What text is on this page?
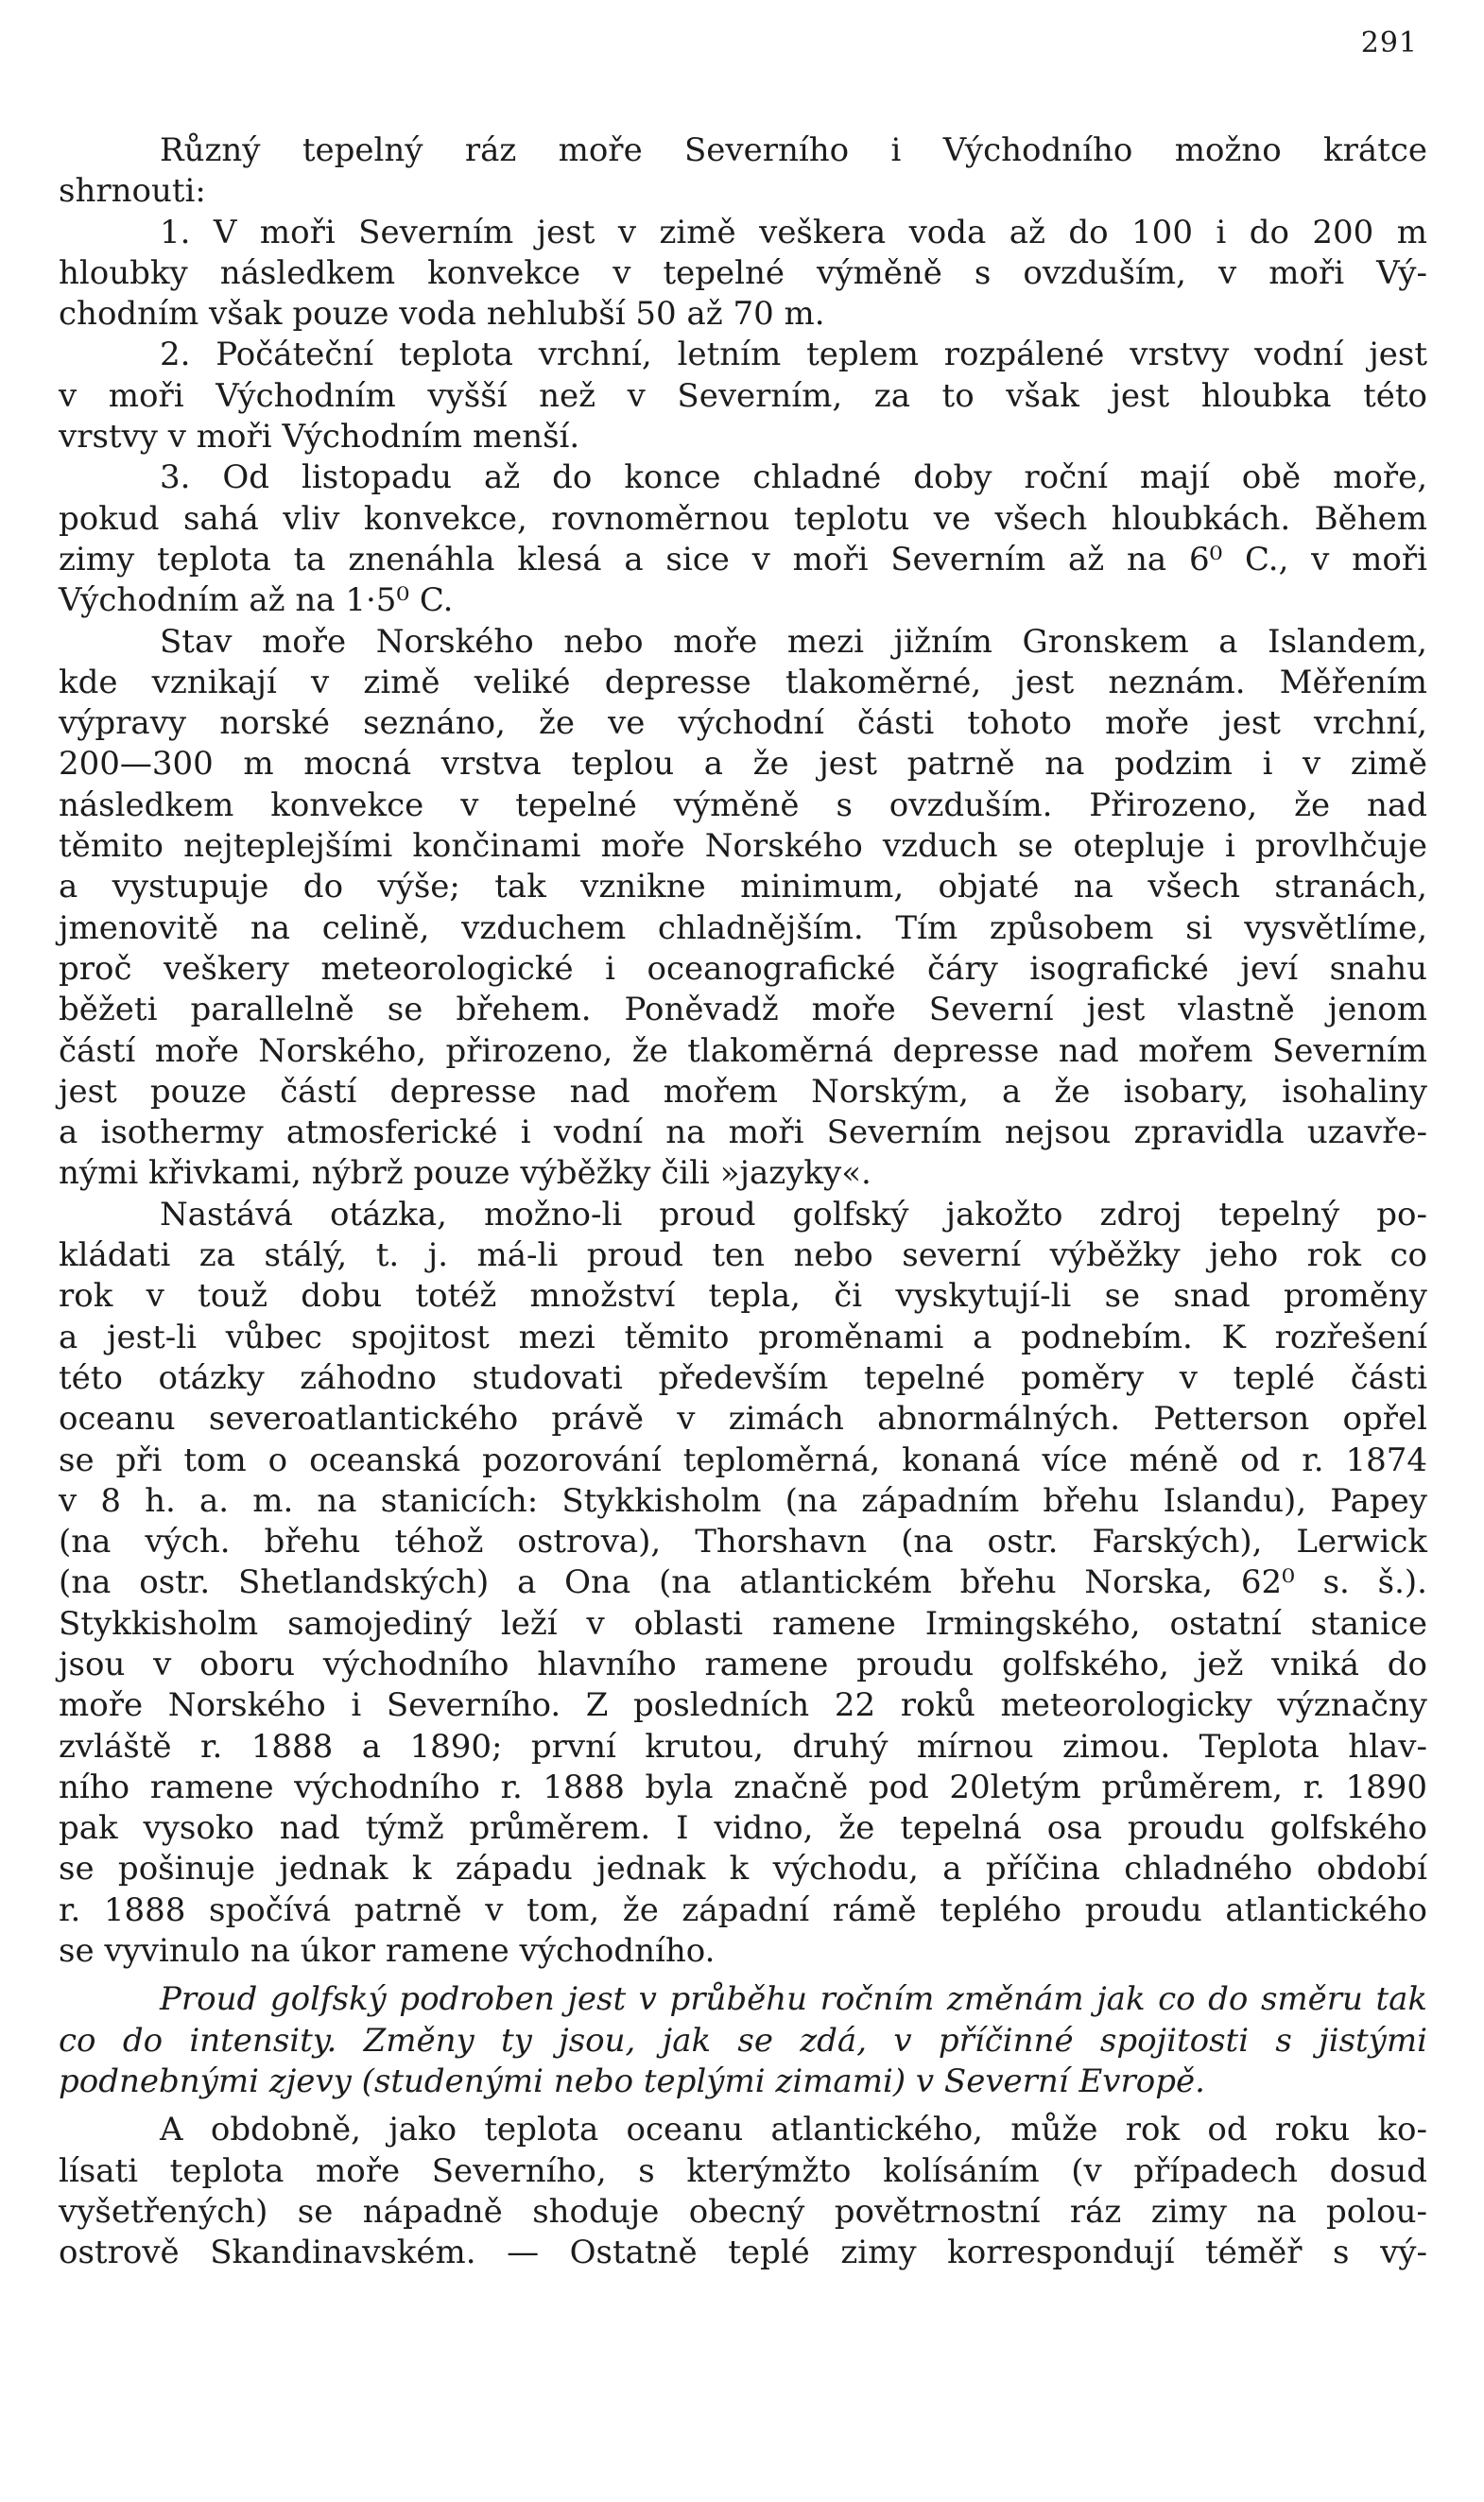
291
Různý tepelný ráz moře Severního i Východního možno krátce
shrnouti:
1. V moři Severním jest v zimě veškera voda až do 100 i do 200 m
hloubky následkem konvekce v tepelné výměně s ovzduším, v moři Vý-
chodním však pouze voda nehlubší 50 až 70 m.
2. Počáteční teplota vrchní, letním teplem rozpálené vrstvy vodní jest
v moři Východním vyšší než v Severním, za to však jest hloubka této
vrstvy v moři Východním menší.
3. Od listopadu až do konce chladné doby roční mají obě moře,
pokud sahá vliv konvekce, rovnoměrnou teplotu ve všech hloubkách. Během
zimy teplota ta znenáhla klesá a sice v moři Severním až na 6⁰ C., v moři
Východním až na 1·5⁰ C.
Stav moře Norského nebo moře mezi jižním Gronskem a Islandem,
kde vznikají v zimě veliké depresse tlakoměrné, jest neznám. Měřením
výpravy norské seznáno, že ve východní části tohoto moře jest vrchní,
200—300 m mocná vrstva teplou a že jest patrně na podzim i v zimě
následkem konvekce v tepelné výměně s ovzduším. Přirozeno, že nad
těmito nejteplejšími končinami moře Norského vzduch se otepluje i provlhčuje
a vystupuje do výše; tak vznikne minimum, objaté na všech stranách,
jmenovitě na celině, vzduchem chladnějším. Tím způsobem si vysvětlíme,
proč veškery meteorologické i oceanografické čáry isografické jeví snahu
běžeti parallelně se břehem. Poněvadž moře Severní jest vlastně jenom
částí moře Norského, přirozeno, že tlakoměrná depresse nad mořem Severním
jest pouze částí depresse nad mořem Norským, a že isobary, isohaliny
a isothermy atmosferické i vodní na moři Severním nejsou zpravidla uzavře-
nými křivkami, nýbrž pouze výběžky čili »jazyky«.
Nastává otázka, možno-li proud golfský jakožto zdroj tepelný po-
kládati za stálý, t. j. má-li proud ten nebo severní výběžky jeho rok co
rok v touž dobu totéž množství tepla, či vyskytují-li se snad proměny
a jest-li vůbec spojitost mezi těmito proměnami a podnebím. K rozřešení
této otázky záhodno studovati především tepelné poměry v teplé části
oceanu severoatlantického právě v zimách abnormálných. Petterson opřel
se při tom o oceanská pozorování teploměrná, konaná více méně od r. 1874
v 8 h. a. m. na stanicích: Stykkisholm (na západním břehu Islandu), Papey
(na vých. břehu téhož ostrova), Thorshavn (na ostr. Farských), Lerwick
(na ostr. Shetlandských) a Ona (na atlantickém břehu Norska, 62⁰ s. š.).
Stykkisholm samojediný leží v oblasti ramene Irmingského, ostatní stanice
jsou v oboru východního hlavního ramene proudu golfského, jež vniká do
moře Norského i Severního. Z posledních 22 roků meteorologicky význačny
zvláště r. 1888 a 1890; první krutou, druhý mírnou zimou. Teplota hlav-
ního ramene východního r. 1888 byla značně pod 20letým průměrem, r. 1890
pak vysoko nad týmž průměrem. I vidno, že tepelná osa proudu golfského
se pošinuje jednak k západu jednak k východu, a příčina chladného období
r. 1888 spočívá patrně v tom, že západní rámě teplého proudu atlantického
se vyvinulo na úkor ramene východního.
Proud golfský podroben jest v průběhu ročním změnám jak co do směru tak
co do intensity. Změny ty jsou, jak se zdá, v příčinné spojitosti s jistými
podnebnými zjevy (studenými nebo teplými zimami) v Severní Evropě.
A obdobně, jako teplota oceanu atlantického, může rok od roku ko-
lísati teplota moře Severního, s kterýmžto kolísáním (v případech dosud
vyšetřených) se nápadně shoduje obecný povětrnostní ráz zimy na polou-
ostrově Skandinavském. — Ostatně teplé zimy korrespondují téměř s vý-
